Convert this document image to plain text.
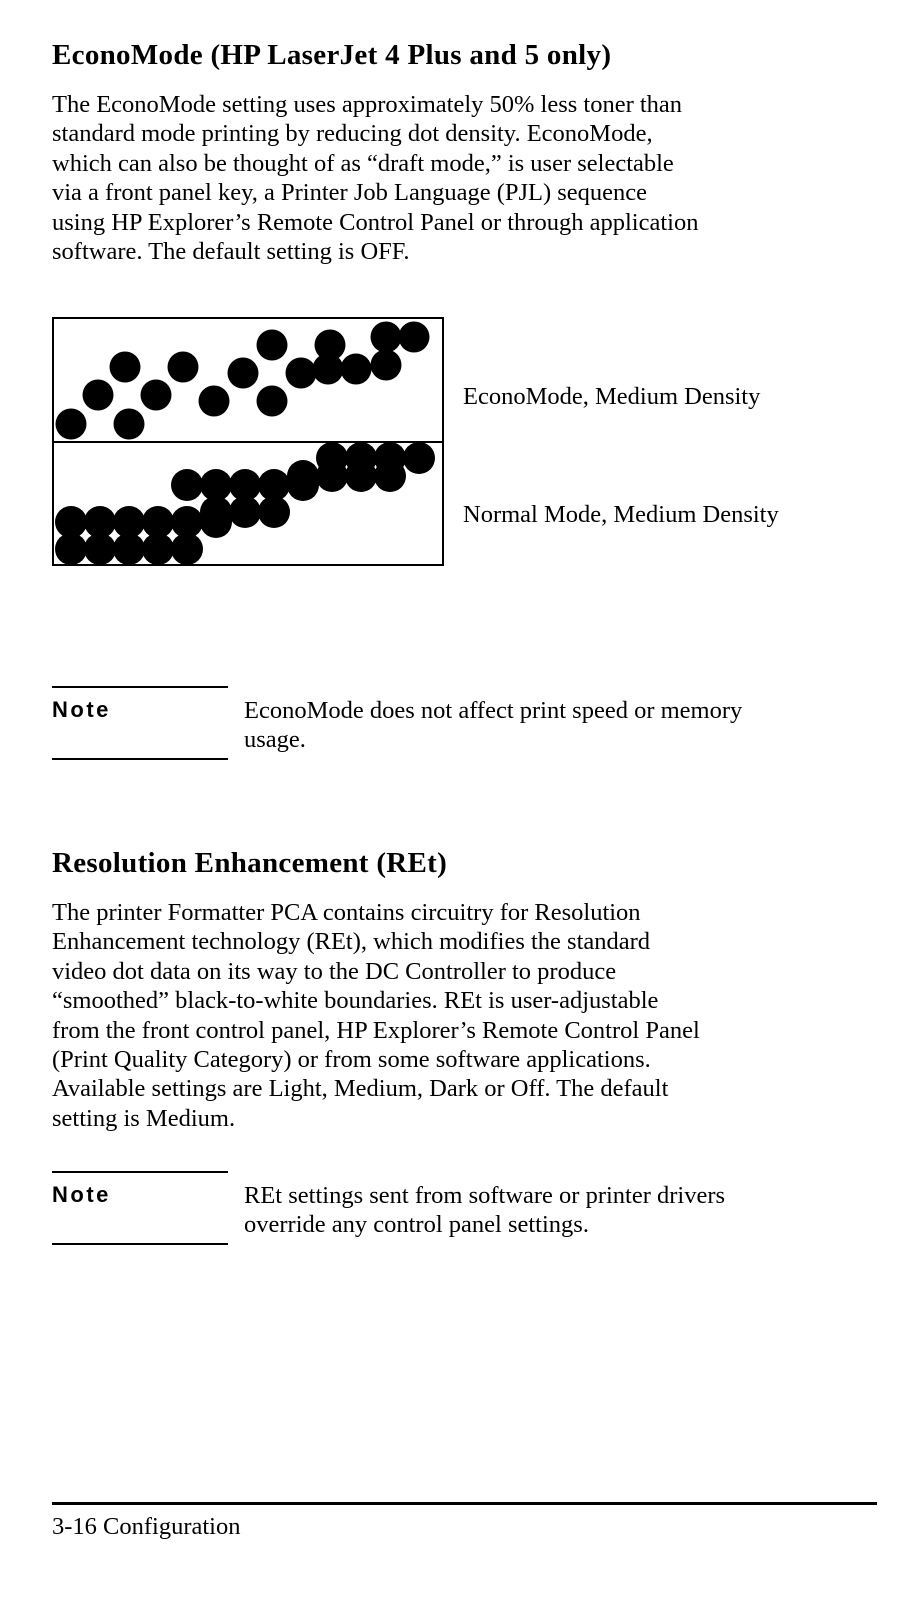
EconoMode (HP LaserJet 4 Plus and 5 only)

The EconoMode setting uses approximately 50% less toner than
standard mode printing by reducing dot density. EconoMode,
which can also be thought of as “draft mode,” is user selectable
via a front panel key, a Printer Job Language (PJL) sequence
using HP Explorer’s Remote Control Panel or through application
software. The default setting is OFF.

EconoMode, Medium Density
Normal Mode, Medium Density
Note	EconoMode does not affect print speed or memory
usage.

Resolution Enhancement (REt)

The printer Formatter PCA contains circuitry for Resolution
Enhancement technology (REt), which modifies the standard
video dot data on its way to the DC Controller to produce
“smoothed” black-to-white boundaries. REt is user-adjustable
from the front control panel, HP Explorer’s Remote Control Panel
(Print Quality Category) or from some software applications.
Available settings are Light, Medium, Dark or Off. The default
setting is Medium.

Note	REt settings sent from software or printer drivers
override any control panel settings.

3-16 Configuration
